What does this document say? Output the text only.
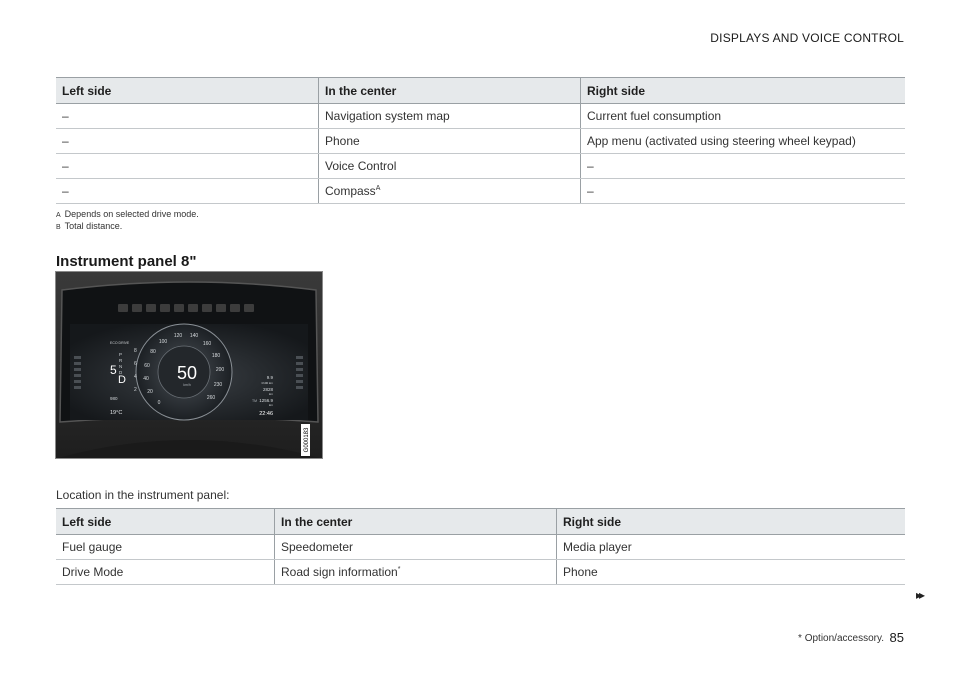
DISPLAYS AND VOICE CONTROL
Left side	In the center	Right side
–	Navigation system map	Current fuel consumption
–	Phone	App menu (activated using steering wheel keypad)
–	Voice Control	–
–	Compass$^A$	–
A Depends on selected drive mode.
B Total distance.
Instrument panel 8"
0
20
40
60
80
100
120 140
160
180
200
230
260
50
km/h
ECO DRIVE
5
D
P
R
N
D
8
6
4
2
980
19°C
9.9
l/100 km
2828
km
1256.9
km
22:46
TM
G000183
Location in the instrument panel:
Left side	In the center	Right side
Fuel gauge	Speedometer	Media player
Drive Mode	Road sign information*	Phone
▸▸
* Option/accessory. 85
